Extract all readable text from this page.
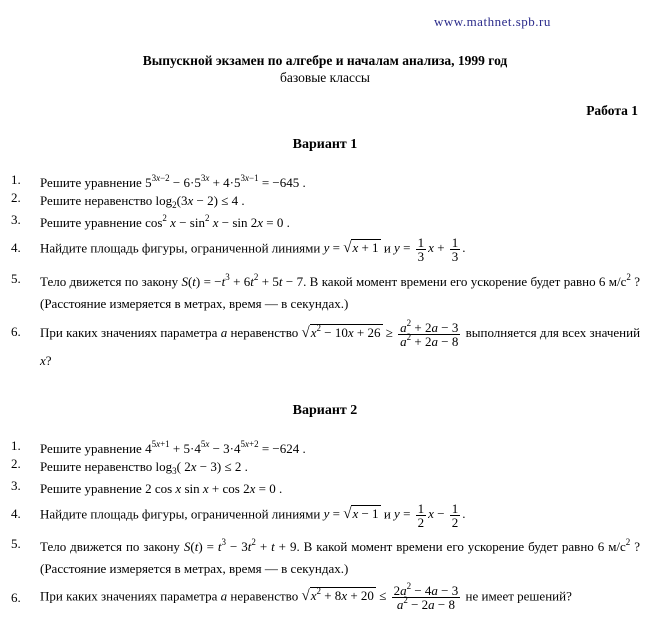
www.mathnet.spb.ru
Выпускной экзамен по алгебре и началам анализа, 1999 год
базовые классы
Работа 1
Вариант 1
1. Решите уравнение $5^{3x-2} - 6\cdot 5^{3x} + 4\cdot 5^{3x-1} = -645$ .
2. Решите неравенство $\log_2(3x - 2) \le 4$ .
3. Решите уравнение $\cos^2 x - \sin^2 x - \sin 2x = 0$ .
4. Найдите площадь фигуры, ограниченной линиями y = √x + 1 и $y = \frac{1}{3}$ $x + \frac{1}{3}$ .
5. Тело движется по закону $S(t) = -t^3 + 6t^2 + 5t - 7$. В какой момент времени его ускорение будет равно 6 $м/с^2$ ? (Расстояние измеряется в метрах, время — в секундах.)
6. При каких значениях параметра a неравенство $√x^2 - 10x + 26 \ge \frac{a^2 + 2a - 3}{a^2 + 2a - 8}$ выполняется для всех значений x?
Вариант 2
1. Решите уравнение $4^{5x+1} + 5\cdot 4^{5x} - 3\cdot 4^{5x+2} = -624$ .
2. Решите неравенство $\log_3$( 2x − 3) ≤ 2 .
3. Решите уравнение 2 cos x sin x + cos 2x = 0 .
4. Найдите площадь фигуры, ограниченной линиями y = √x − 1 и $y = \frac{1}{2}$ $x - \frac{1}{2}$ .
5. Тело движется по закону $S(t) = t^3 - 3t^2 + t + 9$. В какой момент времени его ускорение будет равно 6 $м/с^2$ ? (Расстояние измеряется в метрах, время — в секундах.)
6. При каких значениях параметра a неравенство $√x^2 + 8x + 20 \le \frac{2a^2 - 4a - 3}{a^2 - 2a - 8}$ не имеет решений?
